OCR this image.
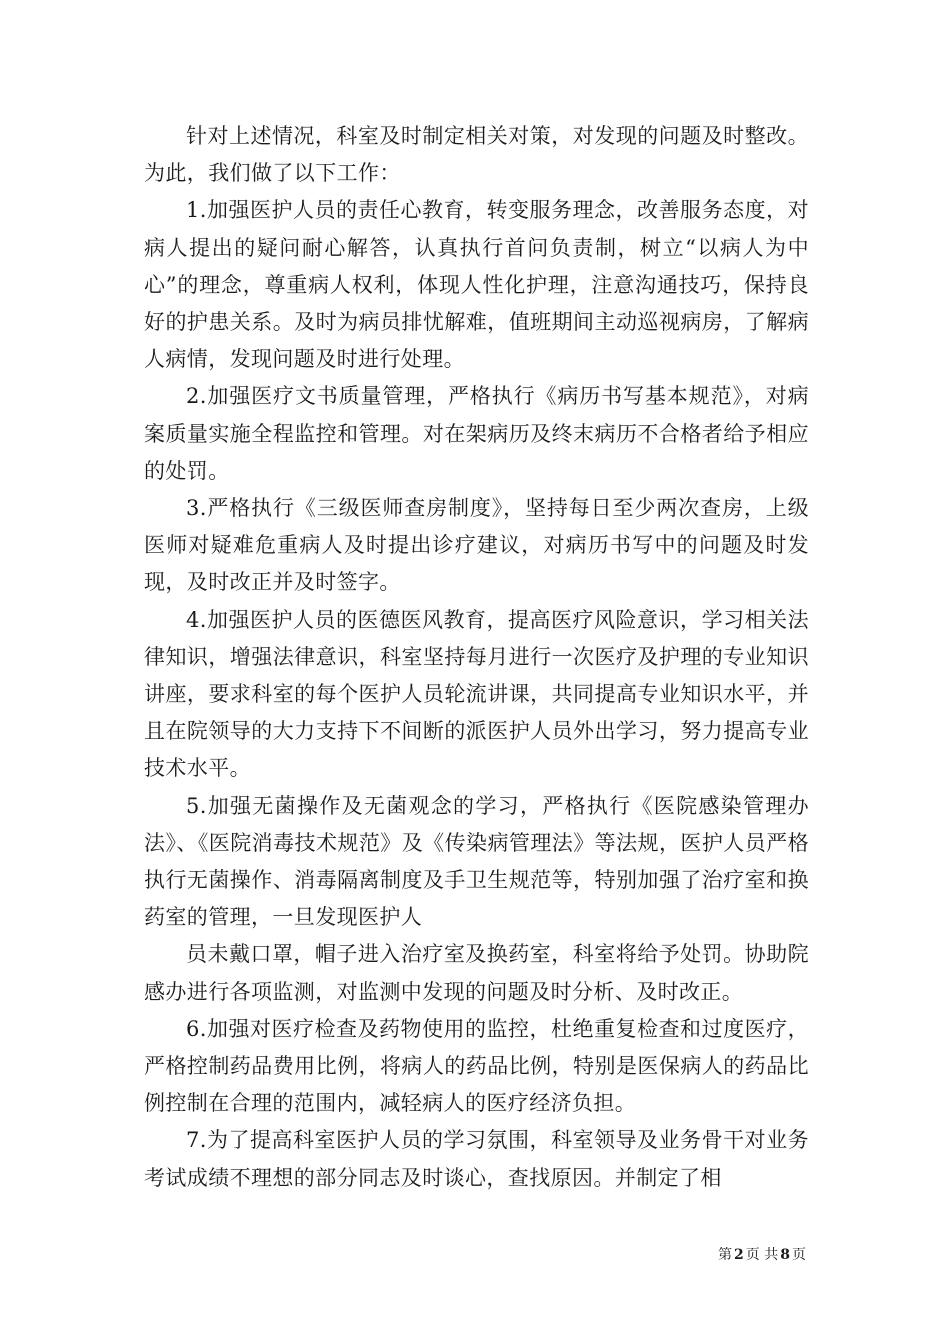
针对上述情况，科室及时制定相关对策，对发现的问题及时整改。为此，我们做了以下工作：

1.加强医护人员的责任心教育，转变服务理念，改善服务态度，对病人提出的疑问耐心解答，认真执行首问负责制，树立“以病人为中心”的理念，尊重病人权利，体现人性化护理，注意沟通技巧，保持良好的护患关系。及时为病员排忧解难，值班期间主动巡视病房，了解病人病情，发现问题及时进行处理。

2.加强医疗文书质量管理，严格执行《病历书写基本规范》，对病案质量实施全程监控和管理。对在架病历及终末病历不合格者给予相应的处罚。

3.严格执行《三级医师查房制度》，坚持每日至少两次查房，上级医师对疑难危重病人及时提出诊疗建议，对病历书写中的问题及时发现，及时改正并及时签字。

4.加强医护人员的医德医风教育，提高医疗风险意识，学习相关法律知识，增强法律意识，科室坚持每月进行一次医疗及护理的专业知识讲座，要求科室的每个医护人员轮流讲课，共同提高专业知识水平，并且在院领导的大力支持下不间断的派医护人员外出学习，努力提高专业技术水平。

5.加强无菌操作及无菌观念的学习，严格执行《医院感染管理办法》、《医院消毒技术规范》及《传染病管理法》等法规，医护人员严格执行无菌操作、消毒隔离制度及手卫生规范等，特别加强了治疗室和换药室的管理，一旦发现医护人

员未戴口罩，帽子进入治疗室及换药室，科室将给予处罚。协助院感办进行各项监测，对监测中发现的问题及时分析、及时改正。

6.加强对医疗检查及药物使用的监控，杜绝重复检查和过度医疗，严格控制药品费用比例，将病人的药品比例，特别是医保病人的药品比例控制在合理的范围内，减轻病人的医疗经济负担。

7.为了提高科室医护人员的学习氛围，科室领导及业务骨干对业务考试成绩不理想的部分同志及时谈心，查找原因。并制定了相

第 2 页 共 8 页
